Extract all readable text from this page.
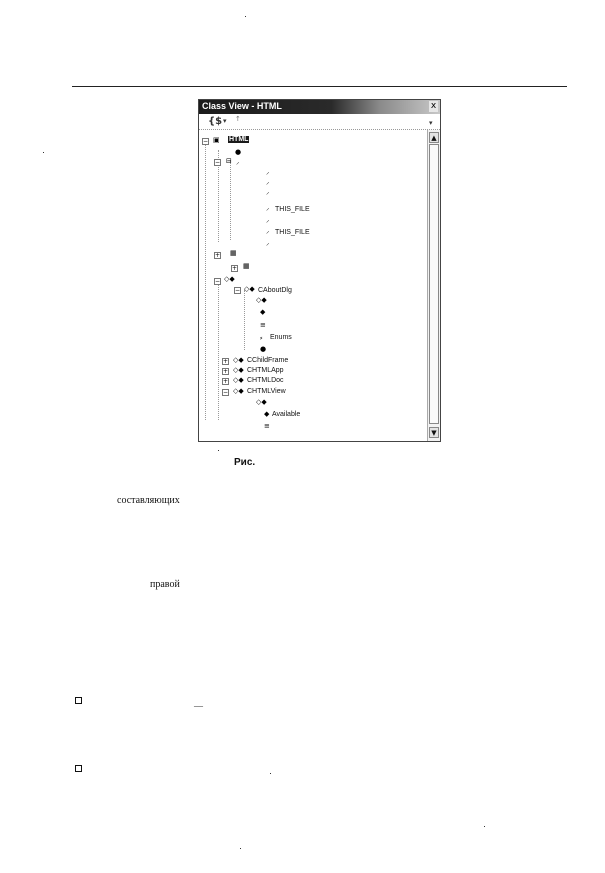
Class View - HTML	ⅹ
{$ ▾ ↑	▾
− ▣ HTML
●
− ⊟ ⸝
⸝
⸝
⸝
⸝ THIS_FILE
⸝
⸝ THIS_FILE
⸝
+ ▦
+ ▦
− ◇◆
− ◇◆ CAboutDlg
◇◆
◆
≡
⸗ Enums
●
+ ◇◆ CChildFrame
+ ◇◆ CHTMLApp
+ ◇◆ CHTMLDoc
− ◇◆ CHTMLView
◇◆
◆ Available
≡
▲
▼
Рис.
составляющих
правой
—
